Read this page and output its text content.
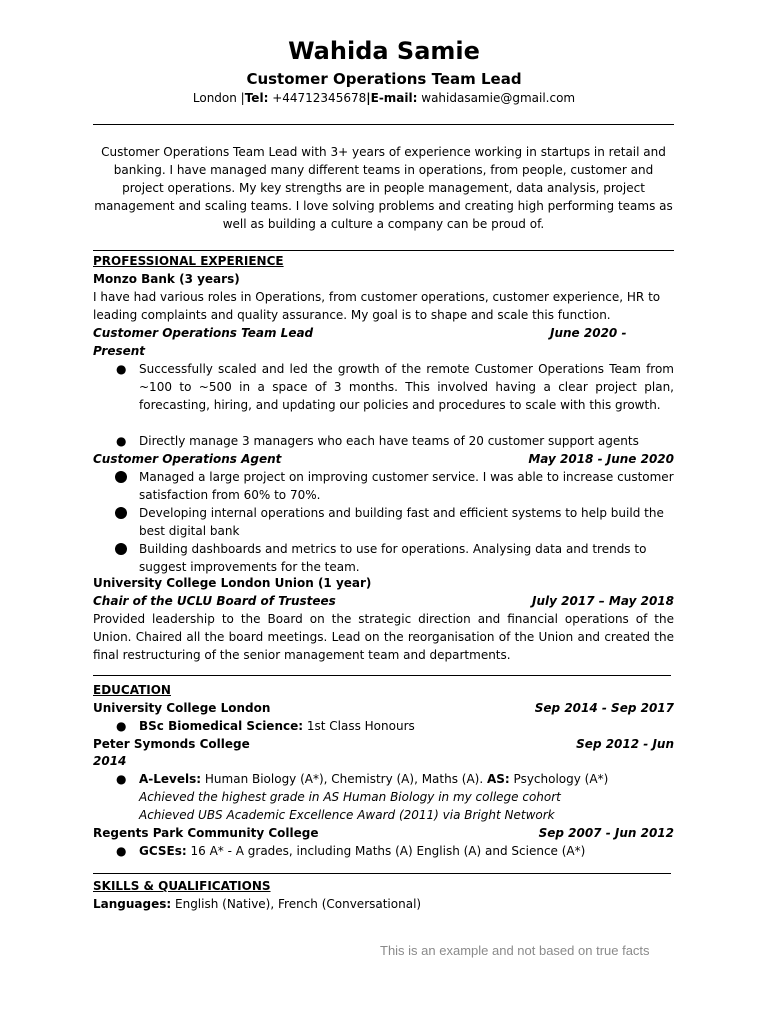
Wahida Samie
Customer Operations Team Lead
London |Tel: +44712345678|E-mail: wahidasamie@gmail.com
Customer Operations Team Lead with 3+ years of experience working in startups in retail and banking. I have managed many different teams in operations, from people, customer and project operations. My key strengths are in people management, data analysis, project management and scaling teams. I love solving problems and creating high performing teams as well as building a culture a company can be proud of.
PROFESSIONAL EXPERIENCE
Monzo Bank (3 years)
I have had various roles in Operations, from customer operations, customer experience, HR to leading complaints and quality assurance. My goal is to shape and scale this function.
Customer Operations Team Lead	June 2020 -
Present
● Successfully scaled and led the growth of the remote Customer Operations Team from ~100 to ~500 in a space of 3 months. This involved having a clear project plan, forecasting, hiring, and updating our policies and procedures to scale with this growth.
● Directly manage 3 managers who each have teams of 20 customer support agents
Customer Operations Agent	May 2018 - June 2020
Managed a large project on improving customer service. I was able to increase customer satisfaction from 60% to 70%.
Developing internal operations and building fast and efficient systems to help build the best digital bank
Building dashboards and metrics to use for operations. Analysing data and trends to suggest improvements for the team.
University College London Union (1 year)
Chair of the UCLU Board of Trustees	July 2017 – May 2018
Provided leadership to the Board on the strategic direction and financial operations of the Union. Chaired all the board meetings. Lead on the reorganisation of the Union and created the final restructuring of the senior management team and departments.
EDUCATION
University College London	Sep 2014 - Sep 2017
● BSc Biomedical Science: 1st Class Honours
Peter Symonds College	Sep 2012 - Jun
2014
● A-Levels: Human Biology (A*), Chemistry (A), Maths (A). AS: Psychology (A*)
Achieved the highest grade in AS Human Biology in my college cohort
Achieved UBS Academic Excellence Award (2011) via Bright Network
Regents Park Community College	Sep 2007 - Jun 2012
● GCSEs: 16 A* - A grades, including Maths (A) English (A) and Science (A*)
SKILLS & QUALIFICATIONS
Languages: English (Native), French (Conversational)
This is an example and not based on true facts
